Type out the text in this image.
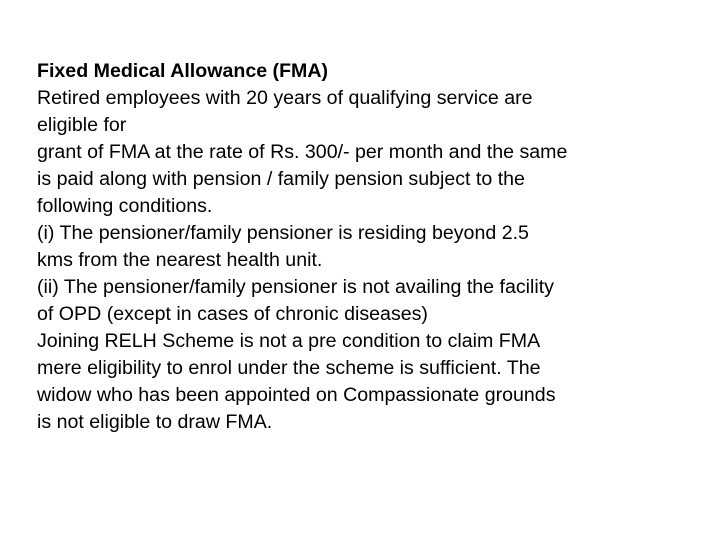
Fixed Medical Allowance (FMA)
Retired employees with 20 years of qualifying service are
eligible for
grant of FMA at the rate of Rs. 300/- per month and the same
is paid along with pension / family pension subject to the
following conditions.
(i) The pensioner/family pensioner is residing beyond 2.5
kms from the nearest health unit.
(ii) The pensioner/family pensioner is not availing the facility
of OPD (except in cases of chronic diseases)
Joining RELH Scheme is not a pre condition to claim FMA
mere eligibility to enrol under the scheme is sufficient. The
widow who has been appointed on Compassionate grounds
is not eligible to draw FMA.
